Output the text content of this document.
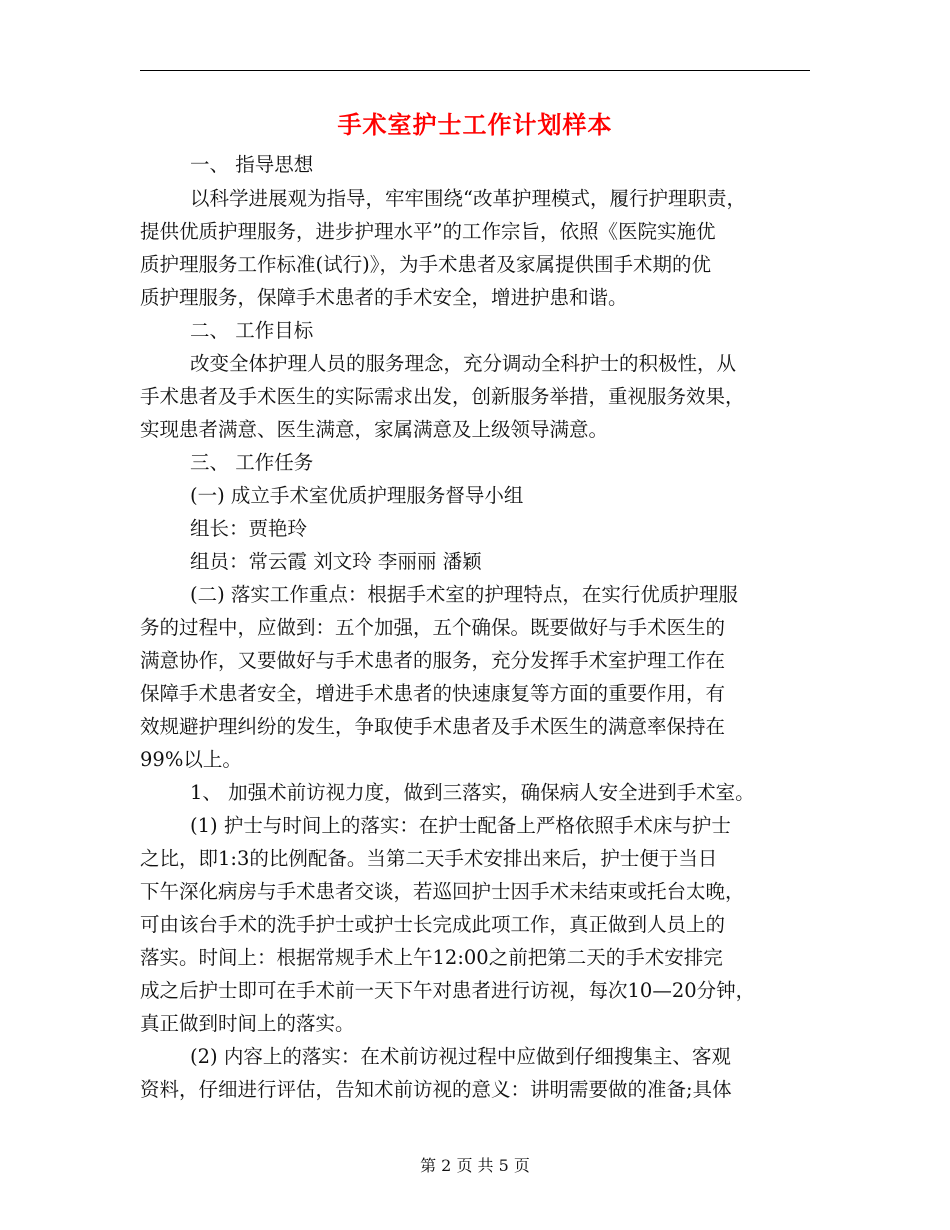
手术室护士工作计划样本
一、 指导思想
以科学进展观为指导，牢牢围绕“改革护理模式，履行护理职责，
提供优质护理服务，进步护理水平”的工作宗旨，依照《医院实施优
质护理服务工作标准(试行)》，为手术患者及家属提供围手术期的优
质护理服务，保障手术患者的手术安全，增进护患和谐。
二、 工作目标
改变全体护理人员的服务理念，充分调动全科护士的积极性，从
手术患者及手术医生的实际需求出发，创新服务举措，重视服务效果，
实现患者满意、医生满意，家属满意及上级领导满意。
三、 工作任务
(一) 成立手术室优质护理服务督导小组
组长：贾艳玲
组员：常云霞 刘文玲 李丽丽 潘颖
(二) 落实工作重点：根据手术室的护理特点，在实行优质护理服
务的过程中，应做到：五个加强，五个确保。既要做好与手术医生的
满意协作，又要做好与手术患者的服务，充分发挥手术室护理工作在
保障手术患者安全，增进手术患者的快速康复等方面的重要作用，有
效规避护理纠纷的发生，争取使手术患者及手术医生的满意率保持在
99%以上。
1、 加强术前访视力度，做到三落实，确保病人安全进到手术室。
(1) 护士与时间上的落实：在护士配备上严格依照手术床与护士
之比，即1:3的比例配备。当第二天手术安排出来后，护士便于当日
下午深化病房与手术患者交谈，若巡回护士因手术未结束或托台太晚，
可由该台手术的洗手护士或护士长完成此项工作，真正做到人员上的
落实。时间上：根据常规手术上午12:00之前把第二天的手术安排完
成之后护士即可在手术前一天下午对患者进行访视，每次10—20分钟，
真正做到时间上的落实。
(2) 内容上的落实：在术前访视过程中应做到仔细搜集主、客观
资料，仔细进行评估，告知术前访视的意义：讲明需要做的准备;具体
第 2 页 共 5 页
